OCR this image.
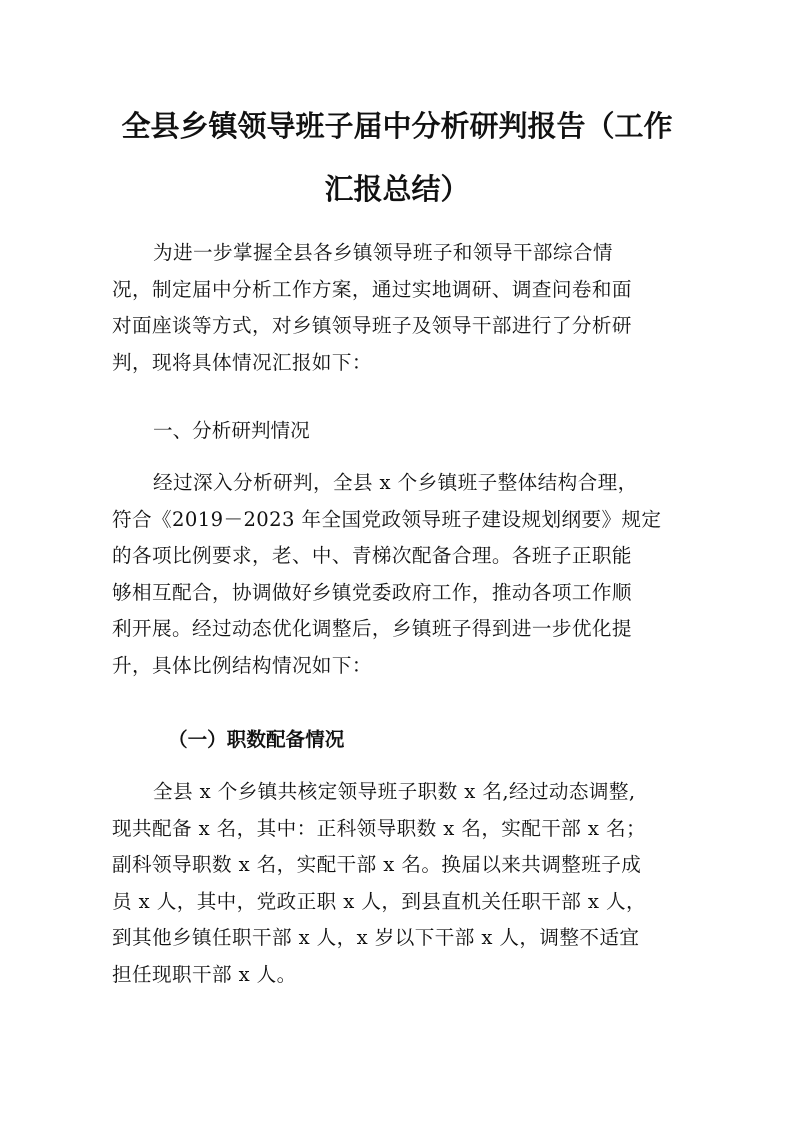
全县乡镇领导班子届中分析研判报告（工作
汇报总结）
为进一步掌握全县各乡镇领导班子和领导干部综合情
况，制定届中分析工作方案，通过实地调研、调查问卷和面
对面座谈等方式，对乡镇领导班子及领导干部进行了分析研
判，现将具体情况汇报如下：
一、分析研判情况
经过深入分析研判，全县 x 个乡镇班子整体结构合理，
符合《2019－2023 年全国党政领导班子建设规划纲要》规定
的各项比例要求，老、中、青梯次配备合理。各班子正职能
够相互配合，协调做好乡镇党委政府工作，推动各项工作顺
利开展。经过动态优化调整后，乡镇班子得到进一步优化提
升，具体比例结构情况如下：
（一）职数配备情况
全县 x 个乡镇共核定领导班子职数 x 名,经过动态调整,
现共配备 x 名，其中：正科领导职数 x 名，实配干部 x 名；
副科领导职数 x 名，实配干部 x 名。换届以来共调整班子成
员 x 人，其中，党政正职 x 人，到县直机关任职干部 x 人，
到其他乡镇任职干部 x 人，x 岁以下干部 x 人，调整不适宜
担任现职干部 x 人。
